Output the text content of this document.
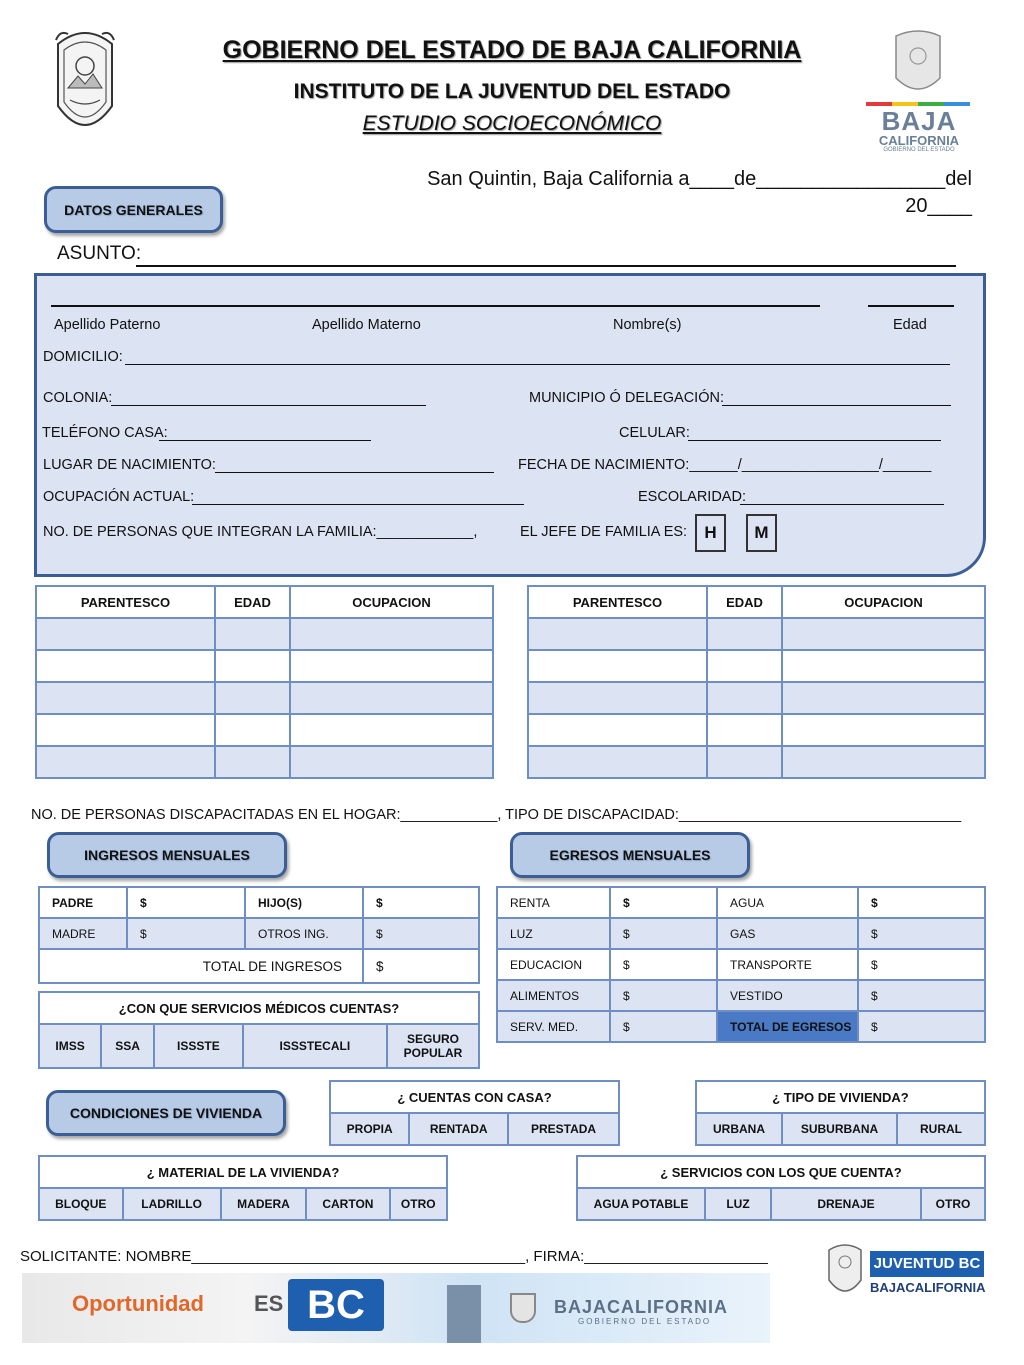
GOBIERNO DEL ESTADO DE BAJA CALIFORNIA
INSTITUTO DE LA JUVENTUD DEL ESTADO
ESTUDIO SOCIOECONÓMICO	BAJA
CALIFORNIA
GOBIERNO DEL ESTADO
San Quintin, Baja California a____de_________________del
20____
DATOS GENERALES
ASUNTO:
Apellido Paterno	Apellido Materno	Nombre(s)	Edad
DOMICILIO:
COLONIA:	MUNICIPIO Ó DELEGACIÓN:
TELÉFONO CASA:	CELULAR:
LUGAR DE NACIMIENTO:	FECHA DE NACIMIENTO:______/_________________/______
OCUPACIÓN ACTUAL:	ESCOLARIDAD:
NO. DE PERSONAS QUE INTEGRAN LA FAMILIA:____________,	EL JEFE DE FAMILIA ES:	H	M
PARENTESCO	EDAD	OCUPACION

			PARENTESCO	EDAD	OCUPACION

NO. DE PERSONAS DISCAPACITADAS EN EL HOGAR:____________, TIPO DE DISCAPACIDAD:___________________________________
INGRESOS MENSUALES	EGRESOS MENSUALES
PADRE	$	HIJO(S)	$
MADRE	$	OTROS ING.	$
TOTAL DE INGRESOS			$
¿CON QUE SERVICIOS MÉDICOS CUENTAS?
IMSS	SSA	ISSSTE	ISSSTECALI	SEGURO POPULAR
RENTA	$	AGUA	$
LUZ	$	GAS	$
EDUCACION	$	TRANSPORTE	$
ALIMENTOS	$	VESTIDO	$
SERV. MED.	$	TOTAL DE EGRESOS	$
CONDICIONES DE VIVIENDA
¿ CUENTAS CON CASA?
PROPIA	RENTADA	PRESTADA
¿ TIPO DE VIVIENDA?
URBANA	SUBURBANA	RURAL
¿ MATERIAL DE LA VIVIENDA?
BLOQUE	LADRILLO	MADERA	CARTON	OTRO
¿ SERVICIOS CON LOS QUE CUENTA?
AGUA POTABLE	LUZ	DRENAJE	OTRO
SOLICITANTE: NOMBRE________________________________________, FIRMA:______________________
Oportunidad ES BC	BAJACALIFORNIA
GOBIERNO DEL ESTADO
JUVENTUD BC
BAJACALIFORNIA
